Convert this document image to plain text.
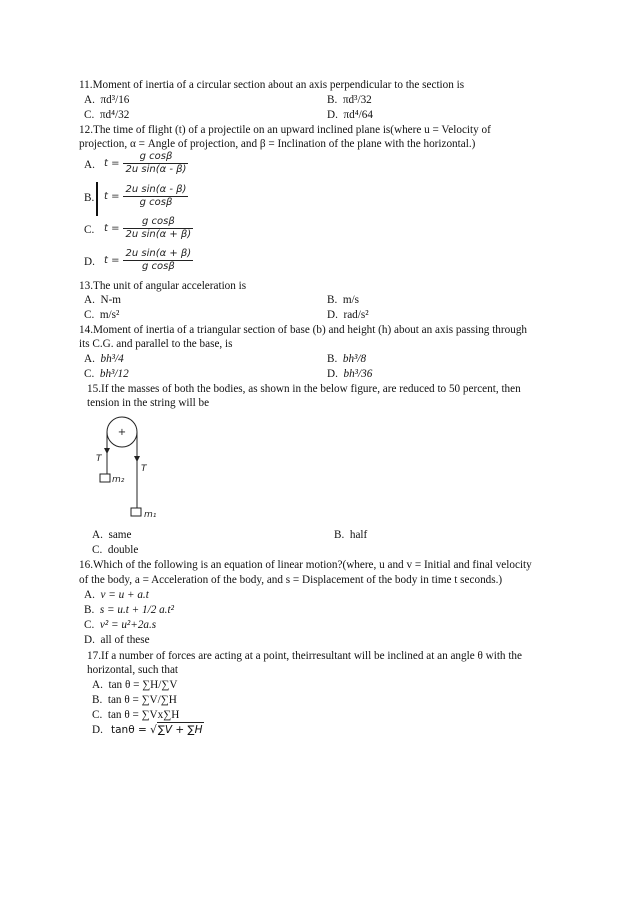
11.Moment of inertia of a circular section about an axis perpendicular to the section is
A. πd³/16	B. πd³/32
C. πd⁴/32	D. πd⁴/64
12.The time of flight (t) of a projectile on an upward inclined plane is(where u = Velocity of
projection, α = Angle of projection, and β = Inclination of the plane with the horizontal.)
A. $t = \frac{\text{g cosβ}}{\text{2u sin(α - β)}}$
B. $t = \frac{\text{2u sin(α - β)}}{\text{g cosβ}}$
C. $t = \frac{\text{g cosβ}}{\text{2u sin(α + β)}}$
D. $t = \frac{\text{2u sin(α + β)}}{\text{g cosβ}}$
13.The unit of angular acceleration is
A. N-m	B. m/s
C. m/s²	D. rad/s²
14.Moment of inertia of a triangular section of base (b) and height (h) about an axis passing through
its C.G. and parallel to the base, is
A. bh³/4	B. bh³/8
C. bh³/12	D. bh³/36
15.If the masses of both the bodies, as shown in the below figure, are reduced to 50 percent, then
tension in the string will be
+
T
T
m₂
m₁
A. same	B. half
C. double
16.Which of the following is an equation of linear motion?(where, u and v = Initial and final velocity
of the body, a = Acceleration of the body, and s = Displacement of the body in time t seconds.)
A. v = u + a.t
B. s = u.t + 1/2 a.t²
C. v² = u²+2a.s
D. all of these
17.If a number of forces are acting at a point, theirresultant will be inclined at an angle θ with the
horizontal, such that
A. tan θ = ∑H/∑V
B. tan θ = ∑V/∑H
C. tan θ = ∑Vx∑H
D. tanθ = √∑V + ∑H
